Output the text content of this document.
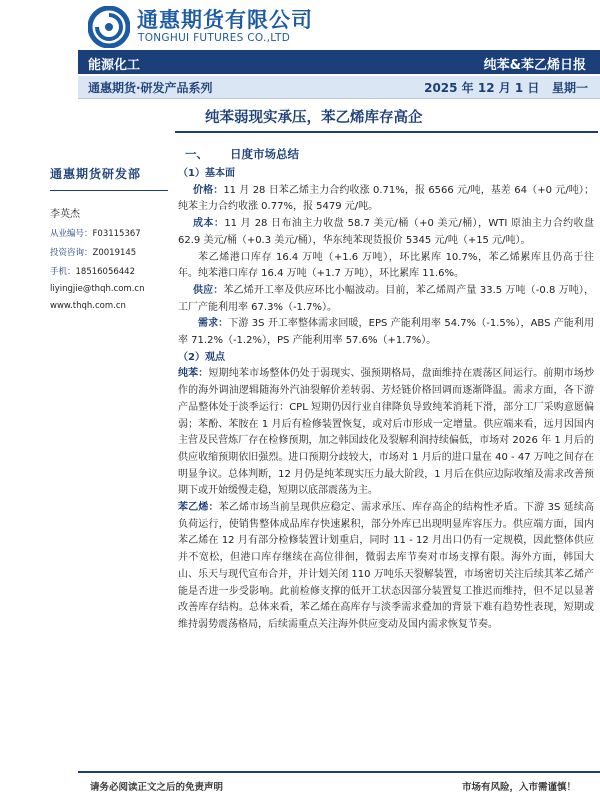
通惠期货有限公司
TONGHUI FUTURES CO.,LTD
能源化工	纯苯&苯乙烯日报
通惠期货·研发产品系列	2025 年 12 月 1 日 星期一
纯苯弱现实承压，苯乙烯库存高企
一、 日度市场总结
通惠期货研发部
李英杰
从业编号：F03115367
投资咨询：Z0019145
手机：18516056442
liyingjie@thqh.com.cn
www.thqh.com.cn

（1）基本面

价格：11 月 28 日苯乙烯主力合约收涨 0.71%，报 6566 元/吨，基差 64（+0 元/吨）；纯苯主力合约收涨 0.77%，报 5479 元/吨。

成本：11 月 28 日布油主力收盘 58.7 美元/桶（+0 美元/桶），WTI 原油主力合约收盘 62.9 美元/桶（+0.3 美元/桶），华东纯苯现货报价 5345 元/吨（+15 元/吨）。

苯乙烯港口库存 16.4 万吨（+1.6 万吨），环比累库 10.7%，苯乙烯累库且仍高于往年。纯苯港口库存 16.4 万吨（+1.7 万吨），环比累库 11.6%。

供应：苯乙烯开工率及供应环比小幅波动。目前，苯乙烯周产量 33.5 万吨（-0.8 万吨），工厂产能利用率 67.3%（-1.7%）。

需求：下游 3S 开工率整体需求回暖，EPS 产能利用率 54.7%（-1.5%），ABS 产能利用率 71.2%（-1.2%），PS 产能利用率 57.6%（+1.7%）。

（2）观点

纯苯：短期纯苯市场整体仍处于弱现实、强预期格局，盘面维持在震荡区间运行。前期市场炒作的海外调油逻辑随海外汽油裂解价差转弱、芳烃链价格回调而逐渐降温。需求方面，各下游产品整体处于淡季运行：CPL 短期仍因行业自律降负导致纯苯消耗下滑，部分工厂采购意愿偏弱；苯酚、苯胺在 1 月后有检修装置恢复，或对后市形成一定增量。供应端来看，远月因国内主营及民营炼厂存在检修预期，加之韩国歧化及裂解利润持续偏低，市场对 2026 年 1 月后的供应收缩预期依旧强烈。进口预期分歧较大，市场对 1 月后的进口量在 40 - 47 万吨之间存在明显争议。总体判断，12 月仍是纯苯现实压力最大阶段，1 月后在供应边际收缩及需求改善预期下或开始缓慢走稳，短期以底部震荡为主。

苯乙烯：苯乙烯市场当前呈现供应稳定、需求承压、库存高企的结构性矛盾。下游 3S 延续高负荷运行，使销售整体成品库存快速累积，部分外库已出现明显库容压力。供应端方面，国内苯乙烯在 12 月有部分检修装置计划重启，同时 11 - 12 月出口仍有一定规模，因此整体供应并不宽松，但港口库存继续在高位徘徊，微弱去库节奏对市场支撑有限。海外方面，韩国大山、乐天与现代宣布合并，并计划关闭 110 万吨乐天裂解装置，市场密切关注后续其苯乙烯产能是否进一步受影响。此前检修支撑的低开工状态因部分装置复工推迟而维持，但不足以显著改善库存结构。总体来看，苯乙烯在高库存与淡季需求叠加的背景下难有趋势性表现，短期或维持弱势震荡格局，后续需重点关注海外供应变动及国内需求恢复节奏。

请务必阅读正文之后的免责声明	市场有风险，入市需谨慎！
